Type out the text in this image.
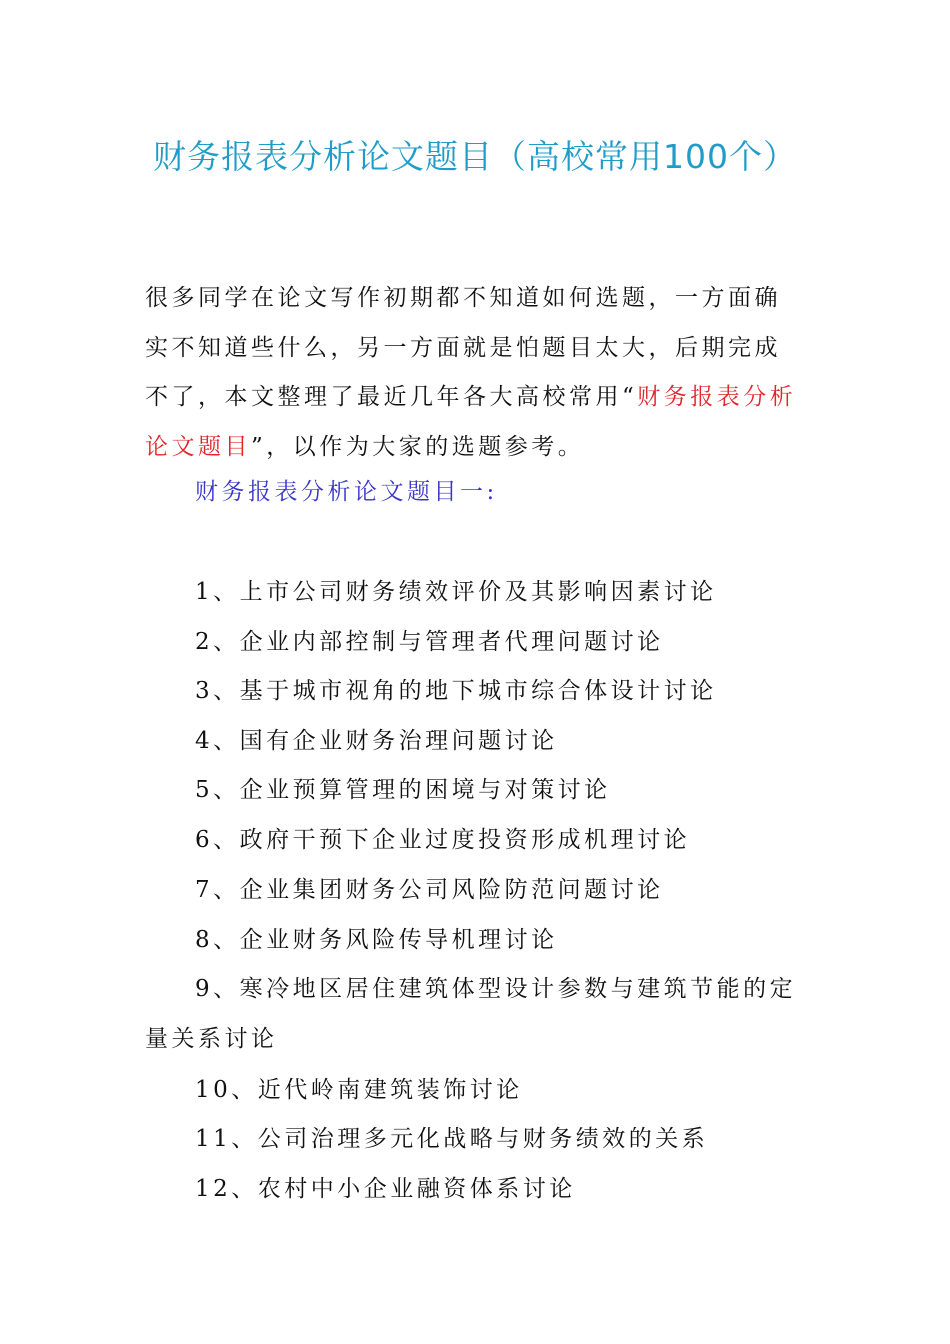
财务报表分析论文题目（高校常用100个）
很多同学在论文写作初期都不知道如何选题，一方面确实不知道些什么，另一方面就是怕题目太大，后期完成不了，本文整理了最近几年各大高校常用“财务报表分析论文题目”，以作为大家的选题参考。
财务报表分析论文题目一:
1、上市公司财务绩效评价及其影响因素讨论
2、企业内部控制与管理者代理问题讨论
3、基于城市视角的地下城市综合体设计讨论
4、国有企业财务治理问题讨论
5、企业预算管理的困境与对策讨论
6、政府干预下企业过度投资形成机理讨论
7、企业集团财务公司风险防范问题讨论
8、企业财务风险传导机理讨论
9、寒冷地区居住建筑体型设计参数与建筑节能的定量关系讨论
10、近代岭南建筑装饰讨论
11、公司治理多元化战略与财务绩效的关系
12、农村中小企业融资体系讨论
